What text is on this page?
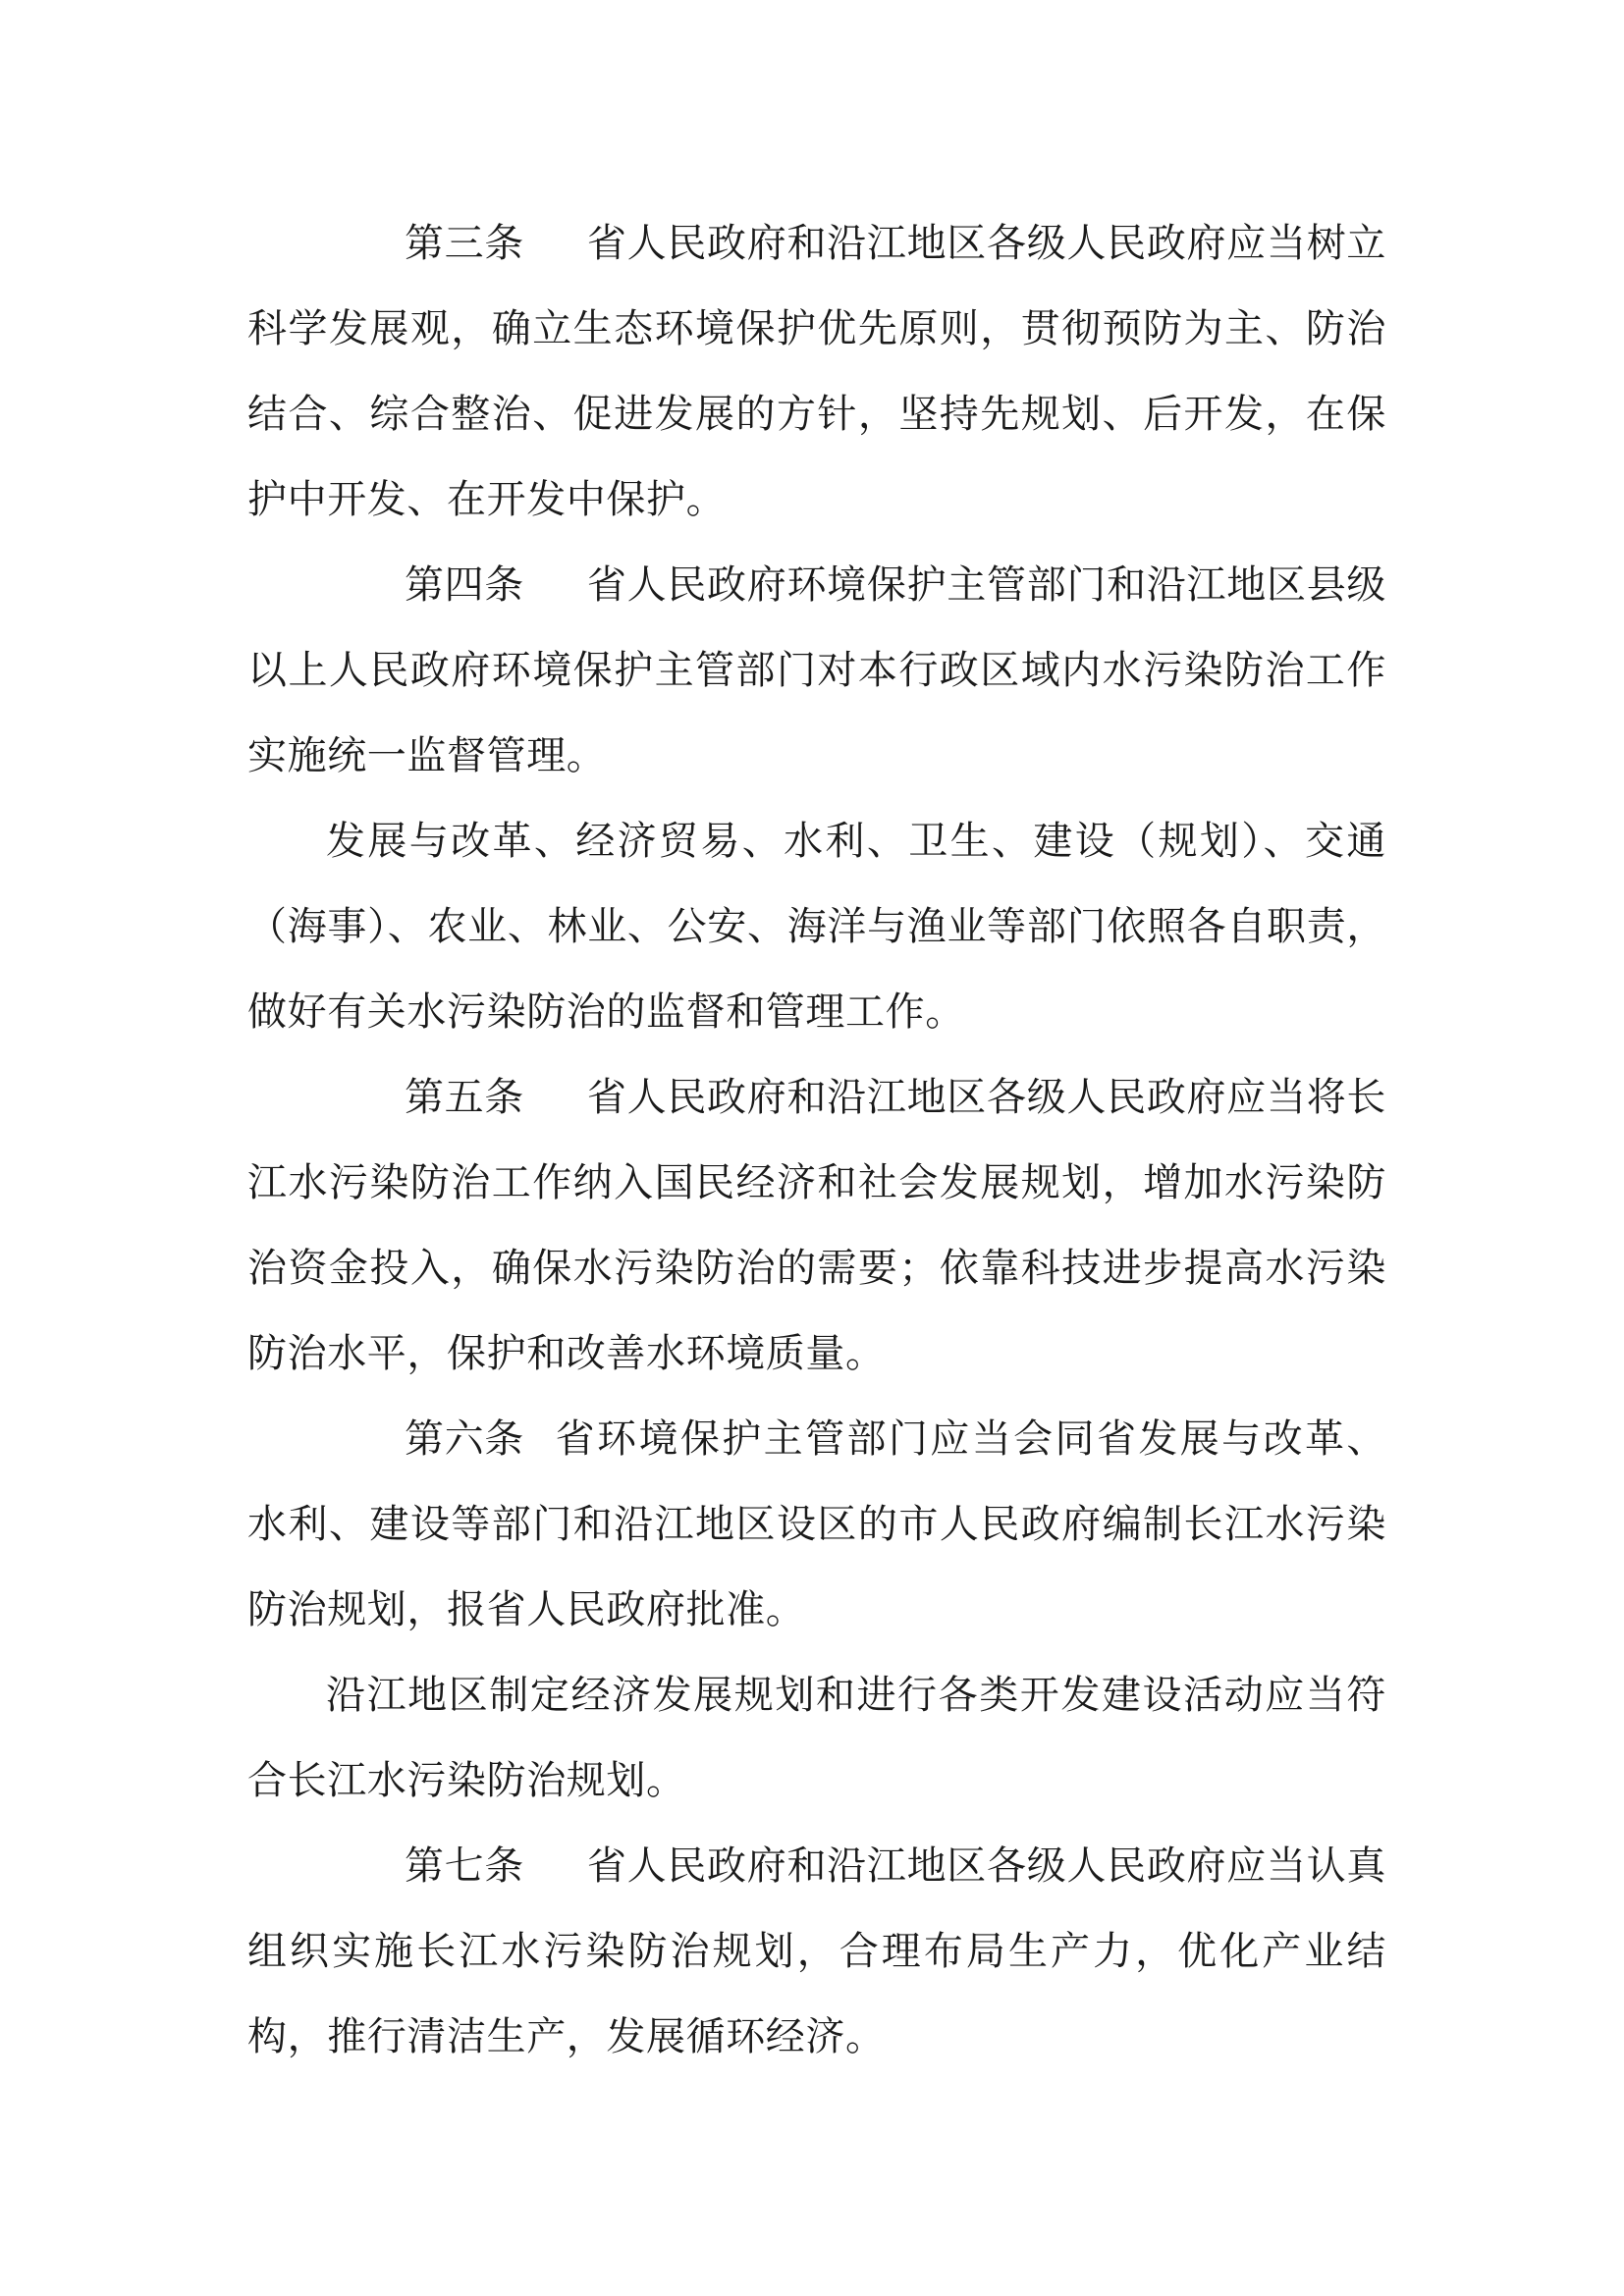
第三条 省人民政府和沿江地区各级人民政府应当树立科学发展观，确立生态环境保护优先原则，贯彻预防为主、防治结合、综合整治、促进发展的方针，坚持先规划、后开发，在保护中开发、在开发中保护。

第四条 省人民政府环境保护主管部门和沿江地区县级以上人民政府环境保护主管部门对本行政区域内水污染防治工作实施统一监督管理。

发展与改革、经济贸易、水利、卫生、建设（规划）、交通（海事）、农业、林业、公安、海洋与渔业等部门依照各自职责，做好有关水污染防治的监督和管理工作。

第五条 省人民政府和沿江地区各级人民政府应当将长江水污染防治工作纳入国民经济和社会发展规划，增加水污染防治资金投入，确保水污染防治的需要；依靠科技进步提高水污染防治水平，保护和改善水环境质量。

第六条 省环境保护主管部门应当会同省发展与改革、水利、建设等部门和沿江地区设区的市人民政府编制长江水污染防治规划，报省人民政府批准。

沿江地区制定经济发展规划和进行各类开发建设活动应当符合长江水污染防治规划。

第七条 省人民政府和沿江地区各级人民政府应当认真组织实施长江水污染防治规划，合理布局生产力，优化产业结构，推行清洁生产，发展循环经济。
